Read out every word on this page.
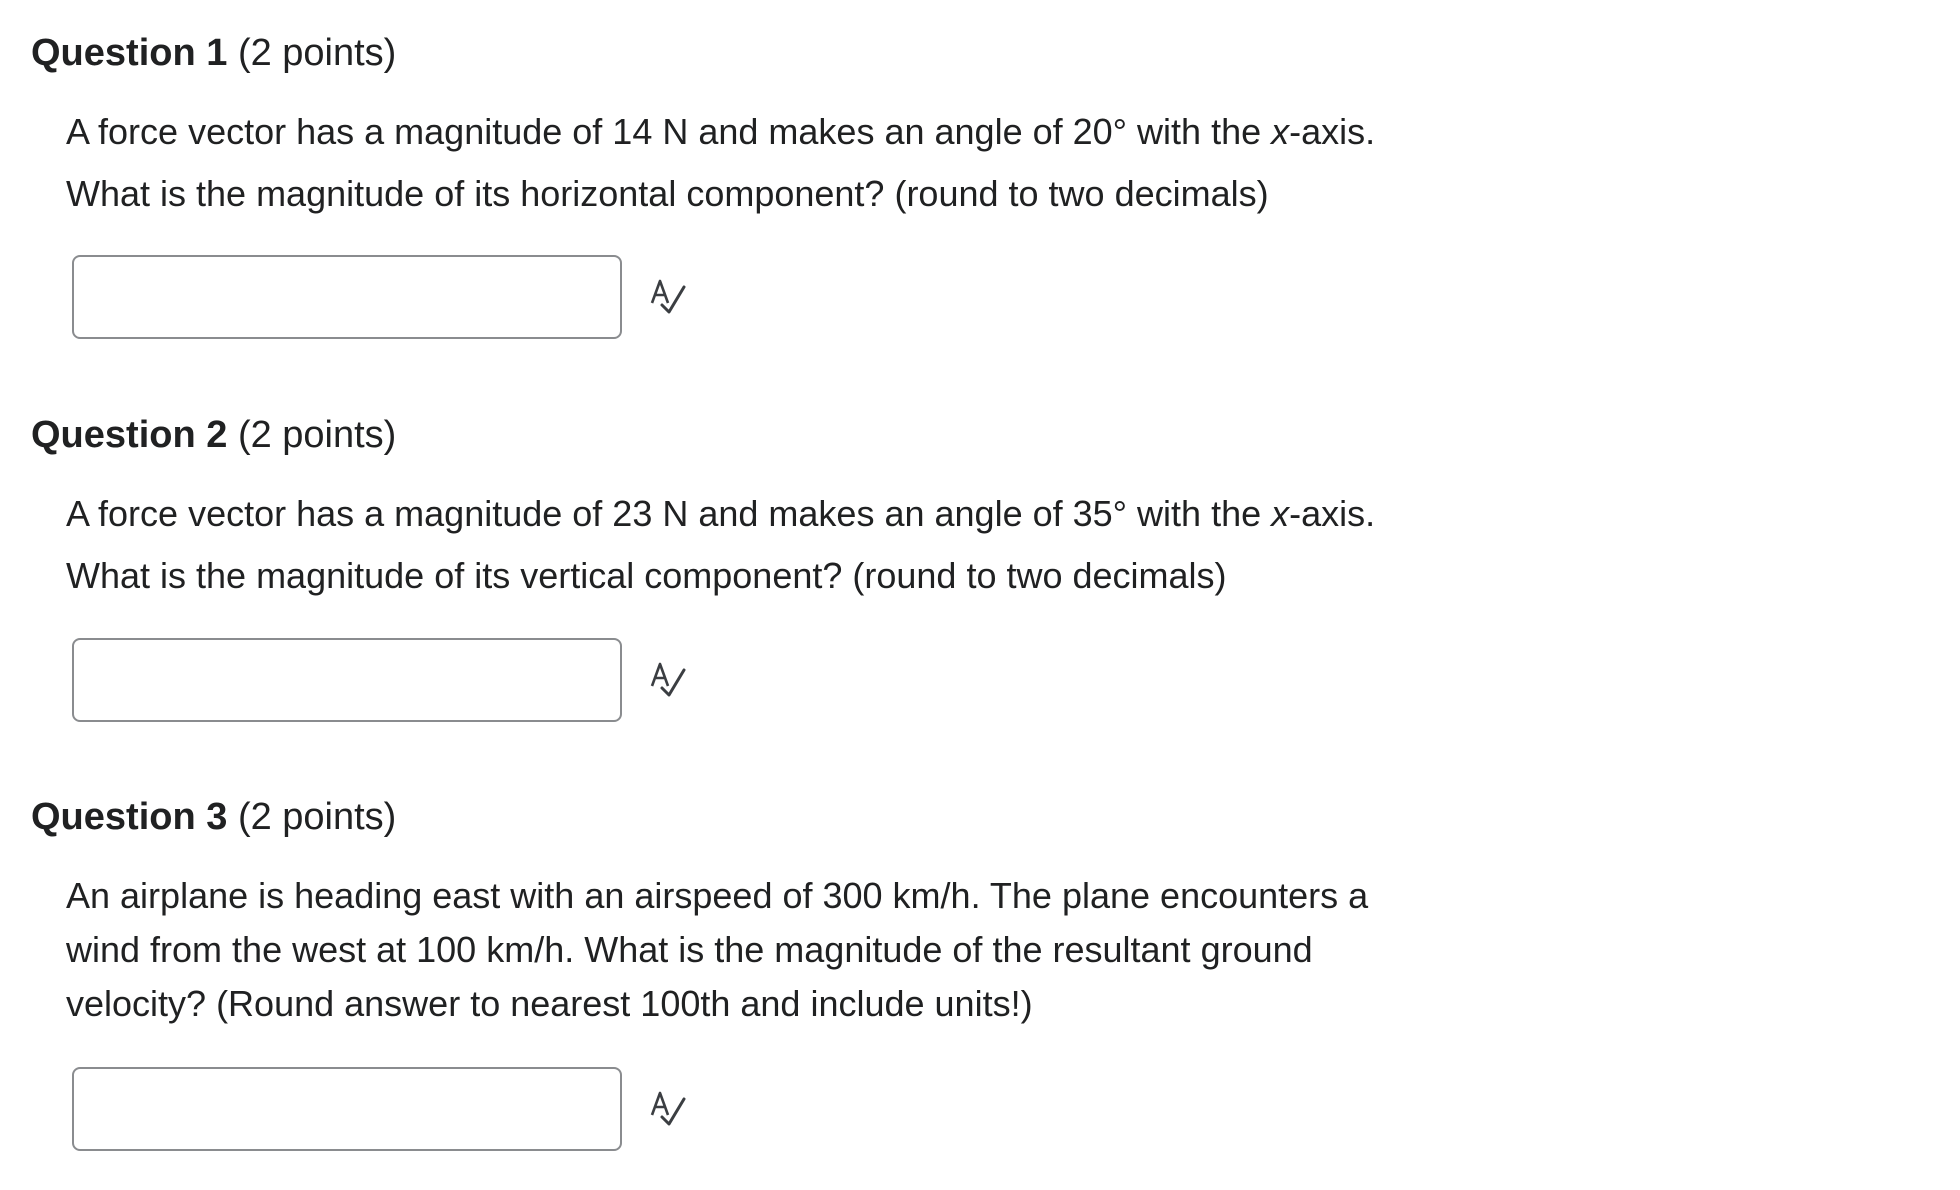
Question 1 (2 points)

A force vector has a magnitude of 14 N and makes an angle of 20° with the x-axis.

What is the magnitude of its horizontal component? (round to two decimals)

Question 2 (2 points)

A force vector has a magnitude of 23 N and makes an angle of 35° with the x-axis.

What is the magnitude of its vertical component? (round to two decimals)

Question 3 (2 points)

An airplane is heading east with an airspeed of 300 km/h. The plane encounters a

wind from the west at 100 km/h. What is the magnitude of the resultant ground

velocity? (Round answer to nearest 100th and include units!)
